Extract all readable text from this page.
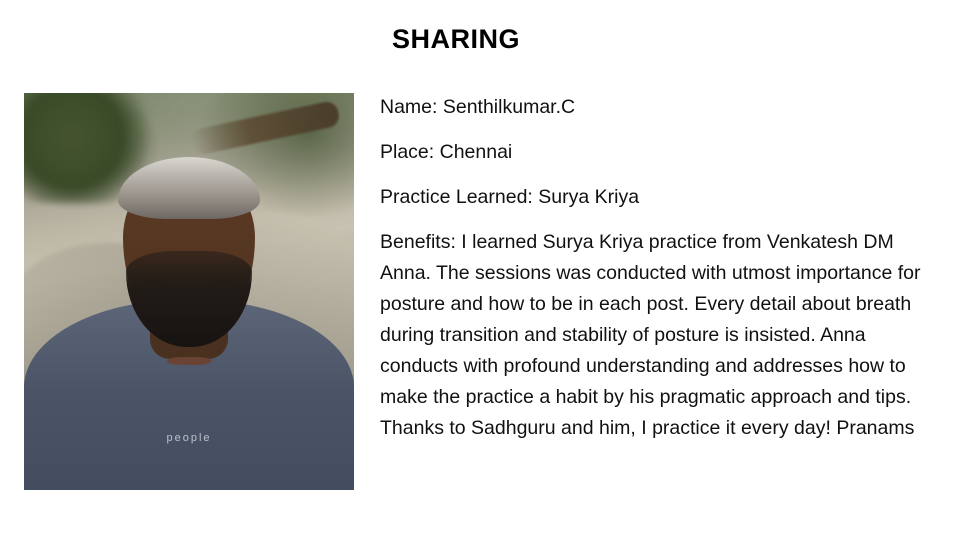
people
SHARING

Name: Senthilkumar.C

Place: Chennai

Practice Learned: Surya Kriya

Benefits: I learned Surya Kriya practice from Venkatesh DM Anna. The sessions was conducted with utmost importance for posture and how to be in each post. Every detail about breath during transition and stability of posture is insisted. Anna conducts with profound understanding and addresses how to make the practice a habit by his pragmatic approach and tips. Thanks to Sadhguru and him, I practice it every day! Pranams
